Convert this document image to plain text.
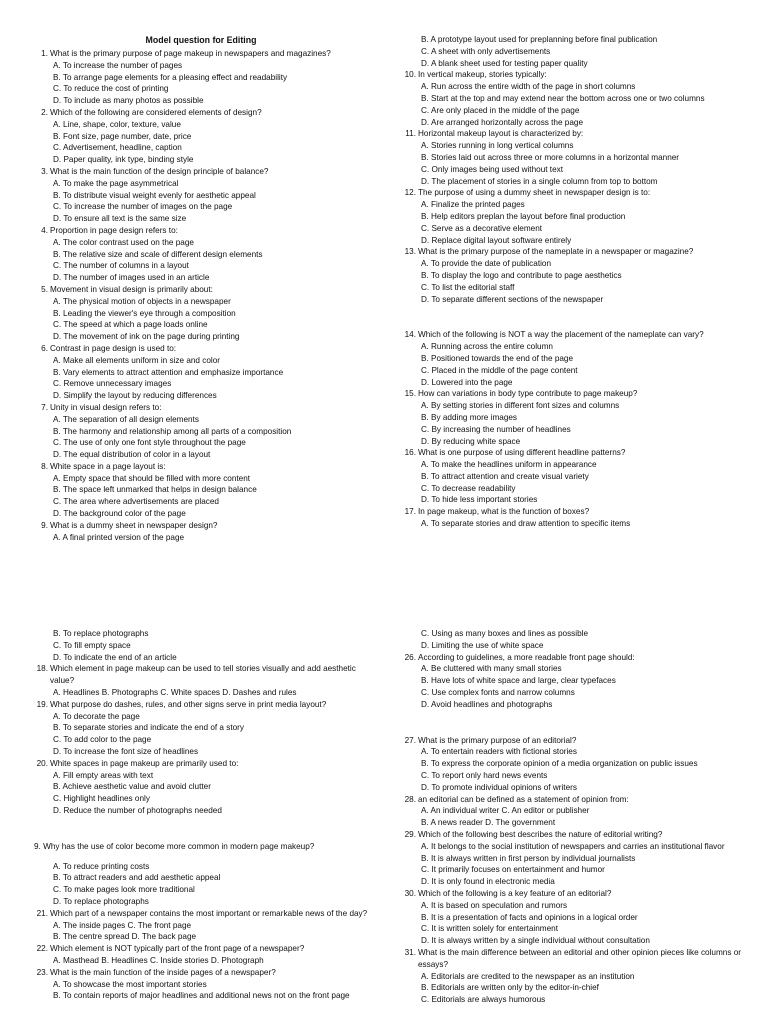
Model question for Editing
1. What is the primary purpose of page makeup in newspapers and magazines?
A. To increase the number of pages
B. To arrange page elements for a pleasing effect and readability
C. To reduce the cost of printing
D. To include as many photos as possible
2. Which of the following are considered elements of design?
A. Line, shape, color, texture, value
B. Font size, page number, date, price
C. Advertisement, headline, caption
D. Paper quality, ink type, binding style
3. What is the main function of the design principle of balance?
A. To make the page asymmetrical
B. To distribute visual weight evenly for aesthetic appeal
C. To increase the number of images on the page
D. To ensure all text is the same size
4. Proportion in page design refers to:
A. The color contrast used on the page
B. The relative size and scale of different design elements
C. The number of columns in a layout
D. The number of images used in an article
5. Movement in visual design is primarily about:
A. The physical motion of objects in a newspaper
B. Leading the viewer's eye through a composition
C. The speed at which a page loads online
D. The movement of ink on the page during printing
6. Contrast in page design is used to:
A. Make all elements uniform in size and color
B. Vary elements to attract attention and emphasize importance
C. Remove unnecessary images
D. Simplify the layout by reducing differences
7. Unity in visual design refers to:
A. The separation of all design elements
B. The harmony and relationship among all parts of a composition
C. The use of only one font style throughout the page
D. The equal distribution of color in a layout
8. White space in a page layout is:
A. Empty space that should be filled with more content
B. The space left unmarked that helps in design balance
C. The area where advertisements are placed
D. The background color of the page
9. What is a dummy sheet in newspaper design?
A. A final printed version of the page
B. A prototype layout used for preplanning before final publication
C. A sheet with only advertisements
D. A blank sheet used for testing paper quality
10. In vertical makeup, stories typically:
A. Run across the entire width of the page in short columns
B. Start at the top and may extend near the bottom across one or two columns
C. Are only placed in the middle of the page
D. Are arranged horizontally across the page
11. Horizontal makeup layout is characterized by:
A. Stories running in long vertical columns
B. Stories laid out across three or more columns in a horizontal manner
C. Only images being used without text
D. The placement of stories in a single column from top to bottom
12. The purpose of using a dummy sheet in newspaper design is to:
A. Finalize the printed pages
B. Help editors preplan the layout before final production
C. Serve as a decorative element
D. Replace digital layout software entirely
13. What is the primary purpose of the nameplate in a newspaper or magazine?
A. To provide the date of publication
B. To display the logo and contribute to page aesthetics
C. To list the editorial staff
D. To separate different sections of the newspaper
14. Which of the following is NOT a way the placement of the nameplate can vary?
A. Running across the entire column
B. Positioned towards the end of the page
C. Placed in the middle of the page content
D. Lowered into the page
15. How can variations in body type contribute to page makeup?
A. By setting stories in different font sizes and columns
B. By adding more images
C. By increasing the number of headlines
D. By reducing white space
16. What is one purpose of using different headline patterns?
A. To make the headlines uniform in appearance
B. To attract attention and create visual variety
C. To decrease readability
D. To hide less important stories
17. In page makeup, what is the function of boxes?
A. To separate stories and draw attention to specific items
B. To replace photographs
C. To fill empty space
D. To indicate the end of an article
18. Which element in page makeup can be used to tell stories visually and add aesthetic value?
A. Headlines B. Photographs C. White spaces D. Dashes and rules
19. What purpose do dashes, rules, and other signs serve in print media layout?
A. To decorate the page
B. To separate stories and indicate the end of a story
C. To add color to the page
D. To increase the font size of headlines
20. White spaces in page makeup are primarily used to:
A. Fill empty areas with text
B. Achieve aesthetic value and avoid clutter
C. Highlight headlines only
D. Reduce the number of photographs needed
9. Why has the use of color become more common in modern page makeup?
A. To reduce printing costs
B. To attract readers and add aesthetic appeal
C. To make pages look more traditional
D. To replace photographs
21. Which part of a newspaper contains the most important or remarkable news of the day?
A. The inside pages C. The front page
B. The centre spread D. The back page
22. Which element is NOT typically part of the front page of a newspaper?
A. Masthead B. Headlines C. Inside stories D. Photograph
23. What is the main function of the inside pages of a newspaper?
A. To showcase the most important stories
B. To contain reports of major headlines and additional news not on the front page
C. Using as many boxes and lines as possible
D. Limiting the use of white space
26. According to guidelines, a more readable front page should:
A. Be cluttered with many small stories
B. Have lots of white space and large, clear typefaces
C. Use complex fonts and narrow columns
D. Avoid headlines and photographs
27. What is the primary purpose of an editorial?
A. To entertain readers with fictional stories
B. To express the corporate opinion of a media organization on public issues
C. To report only hard news events
D. To promote individual opinions of writers
28. an editorial can be defined as a statement of opinion from:
A. An individual writer C. An editor or publisher
B. A news reader D. The government
29. Which of the following best describes the nature of editorial writing?
A. It belongs to the social institution of newspapers and carries an institutional flavor
B. It is always written in first person by individual journalists
C. It primarily focuses on entertainment and humor
D. It is only found in electronic media
30. Which of the following is a key feature of an editorial?
A. It is based on speculation and rumors
B. It is a presentation of facts and opinions in a logical order
C. It is written solely for entertainment
D. It is always written by a single individual without consultation
31. What is the main difference between an editorial and other opinion pieces like columns or essays?
A. Editorials are credited to the newspaper as an institution
B. Editorials are written only by the editor-in-chief
C. Editorials are always humorous
